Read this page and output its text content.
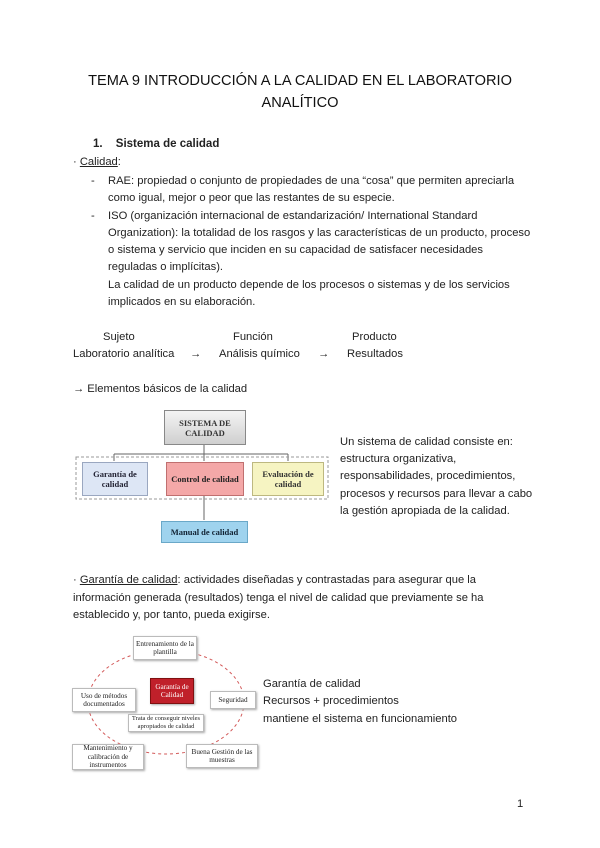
TEMA 9 INTRODUCCIÓN A LA CALIDAD EN EL LABORATORIO
ANALÍTICO
1. Sistema de calidad
· Calidad:
- RAE: propiedad o conjunto de propiedades de una “cosa” que permiten apreciarla
como igual, mejor o peor que las restantes de su especie.
- ISO (organización internacional de estandarización/ International Standard
Organization): la totalidad de los rasgos y las características de un producto, proceso
o sistema y servicio que inciden en su capacidad de satisfacer necesidades
reguladas o implícitas).
La calidad de un producto depende de los procesos o sistemas y de los servicios
implicados en su elaboración.
Sujeto	Función	Producto
Laboratorio analítica → Análisis químico → Resultados
→ Elementos básicos de la calidad
SISTEMA DE CALIDAD
Garantía de calidad	Control de calidad	Evaluación de calidad
Manual de calidad
Un sistema de calidad consiste en:
estructura organizativa,
responsabilidades, procedimientos,
procesos y recursos para llevar a cabo
la gestión apropiada de la calidad.
· Garantía de calidad: actividades diseñadas y contrastadas para asegurar que la
información generada (resultados) tenga el nivel de calidad que previamente se ha
establecido y, por tanto, pueda exigirse.
Entrenamiento de la plantilla
Uso de métodos documentados
Seguridad
Mantenimiento y calibración de instrumentos
Buena Gestión de las muestras
Garantía de Calidad
Trata de conseguir niveles apropiados de calidad
Garantía de calidad
Recursos + procedimientos
mantiene el sistema en funcionamiento
1
